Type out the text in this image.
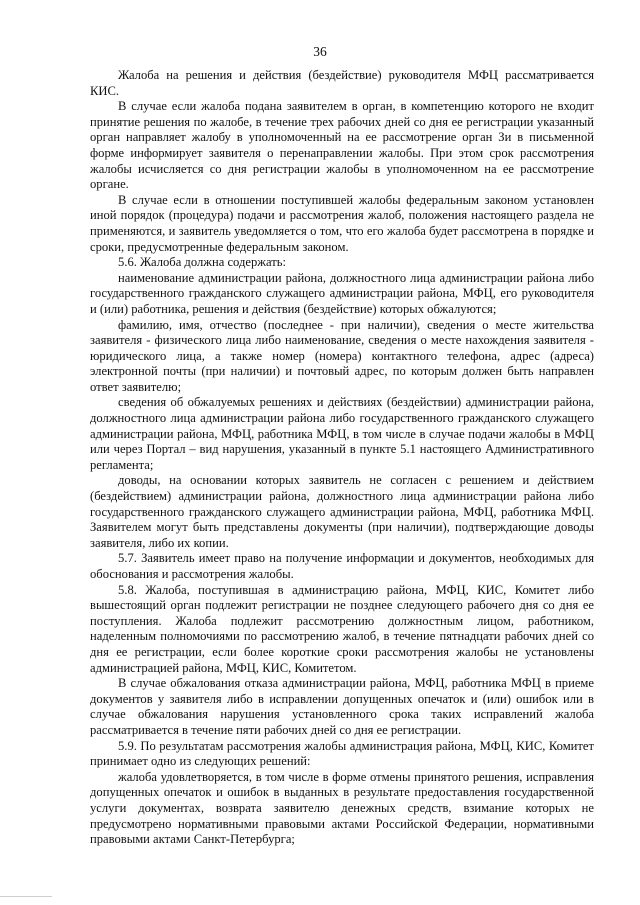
36

Жалоба на решения и действия (бездействие) руководителя МФЦ рассматривается КИС.

В случае если жалоба подана заявителем в орган, в компетенцию которого не входит принятие решения по жалобе, в течение трех рабочих дней со дня ее регистрации указанный орган направляет жалобу в уполномоченный на ее рассмотрение орган Зи в письменной форме информирует заявителя о перенаправлении жалобы. При этом срок рассмотрения жалобы исчисляется со дня регистрации жалобы в уполномоченном на ее рассмотрение органе.

В случае если в отношении поступившей жалобы федеральным законом установлен иной порядок (процедура) подачи и рассмотрения жалоб, положения настоящего раздела не применяются, и заявитель уведомляется о том, что его жалоба будет рассмотрена в порядке и сроки, предусмотренные федеральным законом.

5.6. Жалоба должна содержать:

наименование администрации района, должностного лица администрации района либо государственного гражданского служащего администрации района, МФЦ, его руководителя и (или) работника, решения и действия (бездействие) которых обжалуются;

фамилию, имя, отчество (последнее - при наличии), сведения о месте жительства заявителя - физического лица либо наименование, сведения о месте нахождения заявителя - юридического лица, а также номер (номера) контактного телефона, адрес (адреса) электронной почты (при наличии) и почтовый адрес, по которым должен быть направлен ответ заявителю;

сведения об обжалуемых решениях и действиях (бездействии) администрации района, должностного лица администрации района либо государственного гражданского служащего администрации района, МФЦ, работника МФЦ, в том числе в случае подачи жалобы в МФЦ или через Портал – вид нарушения, указанный в пункте 5.1 настоящего Административного регламента;

доводы, на основании которых заявитель не согласен с решением и действием (бездействием) администрации района, должностного лица администрации района либо государственного гражданского служащего администрации района, МФЦ, работника МФЦ. Заявителем могут быть представлены документы (при наличии), подтверждающие доводы заявителя, либо их копии.

5.7. Заявитель имеет право на получение информации и документов, необходимых для обоснования и рассмотрения жалобы.

5.8. Жалоба, поступившая в администрацию района, МФЦ, КИС, Комитет либо вышестоящий орган подлежит регистрации не позднее следующего рабочего дня со дня ее поступления. Жалоба подлежит рассмотрению должностным лицом, работником, наделенным полномочиями по рассмотрению жалоб, в течение пятнадцати рабочих дней со дня ее регистрации, если более короткие сроки рассмотрения жалобы не установлены администрацией района, МФЦ, КИС, Комитетом.

В случае обжалования отказа администрации района, МФЦ, работника МФЦ в приеме документов у заявителя либо в исправлении допущенных опечаток и (или) ошибок или в случае обжалования нарушения установленного срока таких исправлений жалоба рассматривается в течение пяти рабочих дней со дня ее регистрации.

5.9. По результатам рассмотрения жалобы администрация района, МФЦ, КИС, Комитет принимает одно из следующих решений:

жалоба удовлетворяется, в том числе в форме отмены принятого решения, исправления допущенных опечаток и ошибок в выданных в результате предоставления государственной услуги документах, возврата заявителю денежных средств, взимание которых не предусмотрено нормативными правовыми актами Российской Федерации, нормативными правовыми актами Санкт-Петербурга;
